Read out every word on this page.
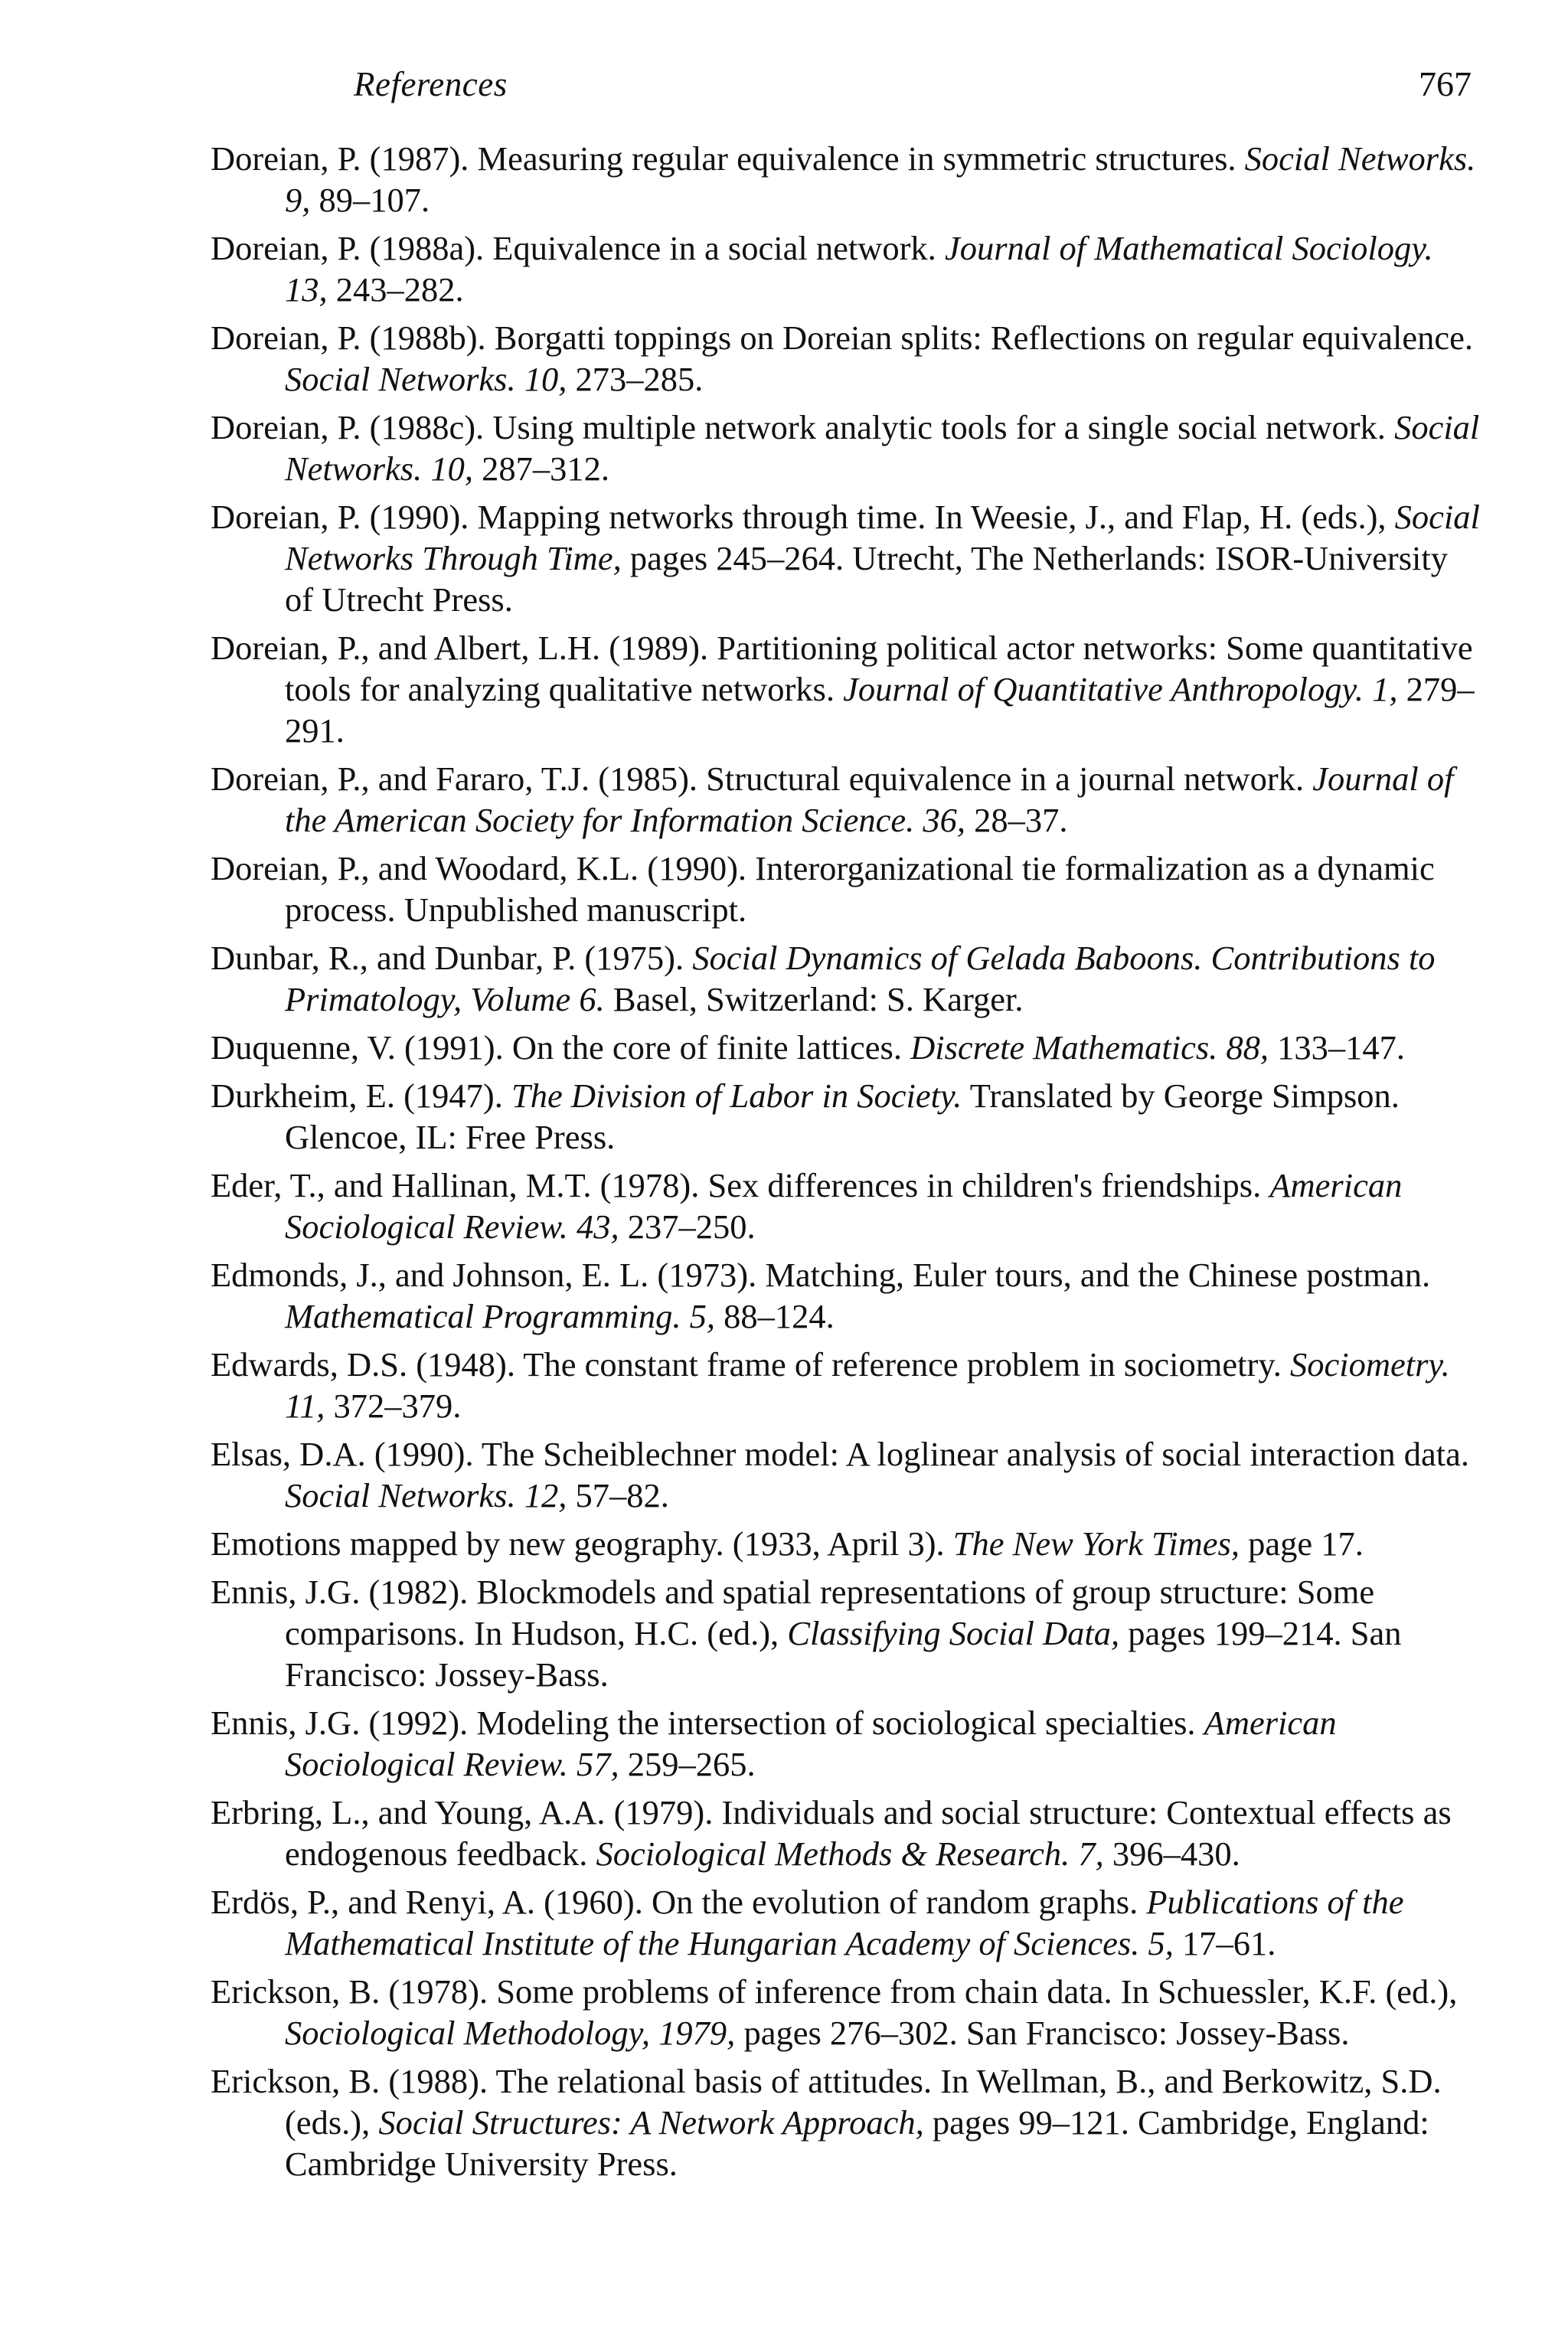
References	767

Doreian, P. (1987). Measuring regular equivalence in symmetric structures. Social Networks. 9, 89–107.

Doreian, P. (1988a). Equivalence in a social network. Journal of Mathematical Sociology. 13, 243–282.

Doreian, P. (1988b). Borgatti toppings on Doreian splits: Reflections on regular equivalence. Social Networks. 10, 273–285.

Doreian, P. (1988c). Using multiple network analytic tools for a single social network. Social Networks. 10, 287–312.

Doreian, P. (1990). Mapping networks through time. In Weesie, J., and Flap, H. (eds.), Social Networks Through Time, pages 245–264. Utrecht, The Netherlands: ISOR-University of Utrecht Press.

Doreian, P., and Albert, L.H. (1989). Partitioning political actor networks: Some quantitative tools for analyzing qualitative networks. Journal of Quantitative Anthropology. 1, 279–291.

Doreian, P., and Fararo, T.J. (1985). Structural equivalence in a journal network. Journal of the American Society for Information Science. 36, 28–37.

Doreian, P., and Woodard, K.L. (1990). Interorganizational tie formalization as a dynamic process. Unpublished manuscript.

Dunbar, R., and Dunbar, P. (1975). Social Dynamics of Gelada Baboons. Contributions to Primatology, Volume 6. Basel, Switzerland: S. Karger.

Duquenne, V. (1991). On the core of finite lattices. Discrete Mathematics. 88, 133–147.

Durkheim, E. (1947). The Division of Labor in Society. Translated by George Simpson. Glencoe, IL: Free Press.

Eder, T., and Hallinan, M.T. (1978). Sex differences in children's friendships. American Sociological Review. 43, 237–250.

Edmonds, J., and Johnson, E. L. (1973). Matching, Euler tours, and the Chinese postman. Mathematical Programming. 5, 88–124.

Edwards, D.S. (1948). The constant frame of reference problem in sociometry. Sociometry. 11, 372–379.

Elsas, D.A. (1990). The Scheiblechner model: A loglinear analysis of social interaction data. Social Networks. 12, 57–82.

Emotions mapped by new geography. (1933, April 3). The New York Times, page 17.

Ennis, J.G. (1982). Blockmodels and spatial representations of group structure: Some comparisons. In Hudson, H.C. (ed.), Classifying Social Data, pages 199–214. San Francisco: Jossey-Bass.

Ennis, J.G. (1992). Modeling the intersection of sociological specialties. American Sociological Review. 57, 259–265.

Erbring, L., and Young, A.A. (1979). Individuals and social structure: Contextual effects as endogenous feedback. Sociological Methods & Research. 7, 396–430.

Erdös, P., and Renyi, A. (1960). On the evolution of random graphs. Publications of the Mathematical Institute of the Hungarian Academy of Sciences. 5, 17–61.

Erickson, B. (1978). Some problems of inference from chain data. In Schuessler, K.F. (ed.), Sociological Methodology, 1979, pages 276–302. San Francisco: Jossey-Bass.

Erickson, B. (1988). The relational basis of attitudes. In Wellman, B., and Berkowitz, S.D. (eds.), Social Structures: A Network Approach, pages 99–121. Cambridge, England: Cambridge University Press.
